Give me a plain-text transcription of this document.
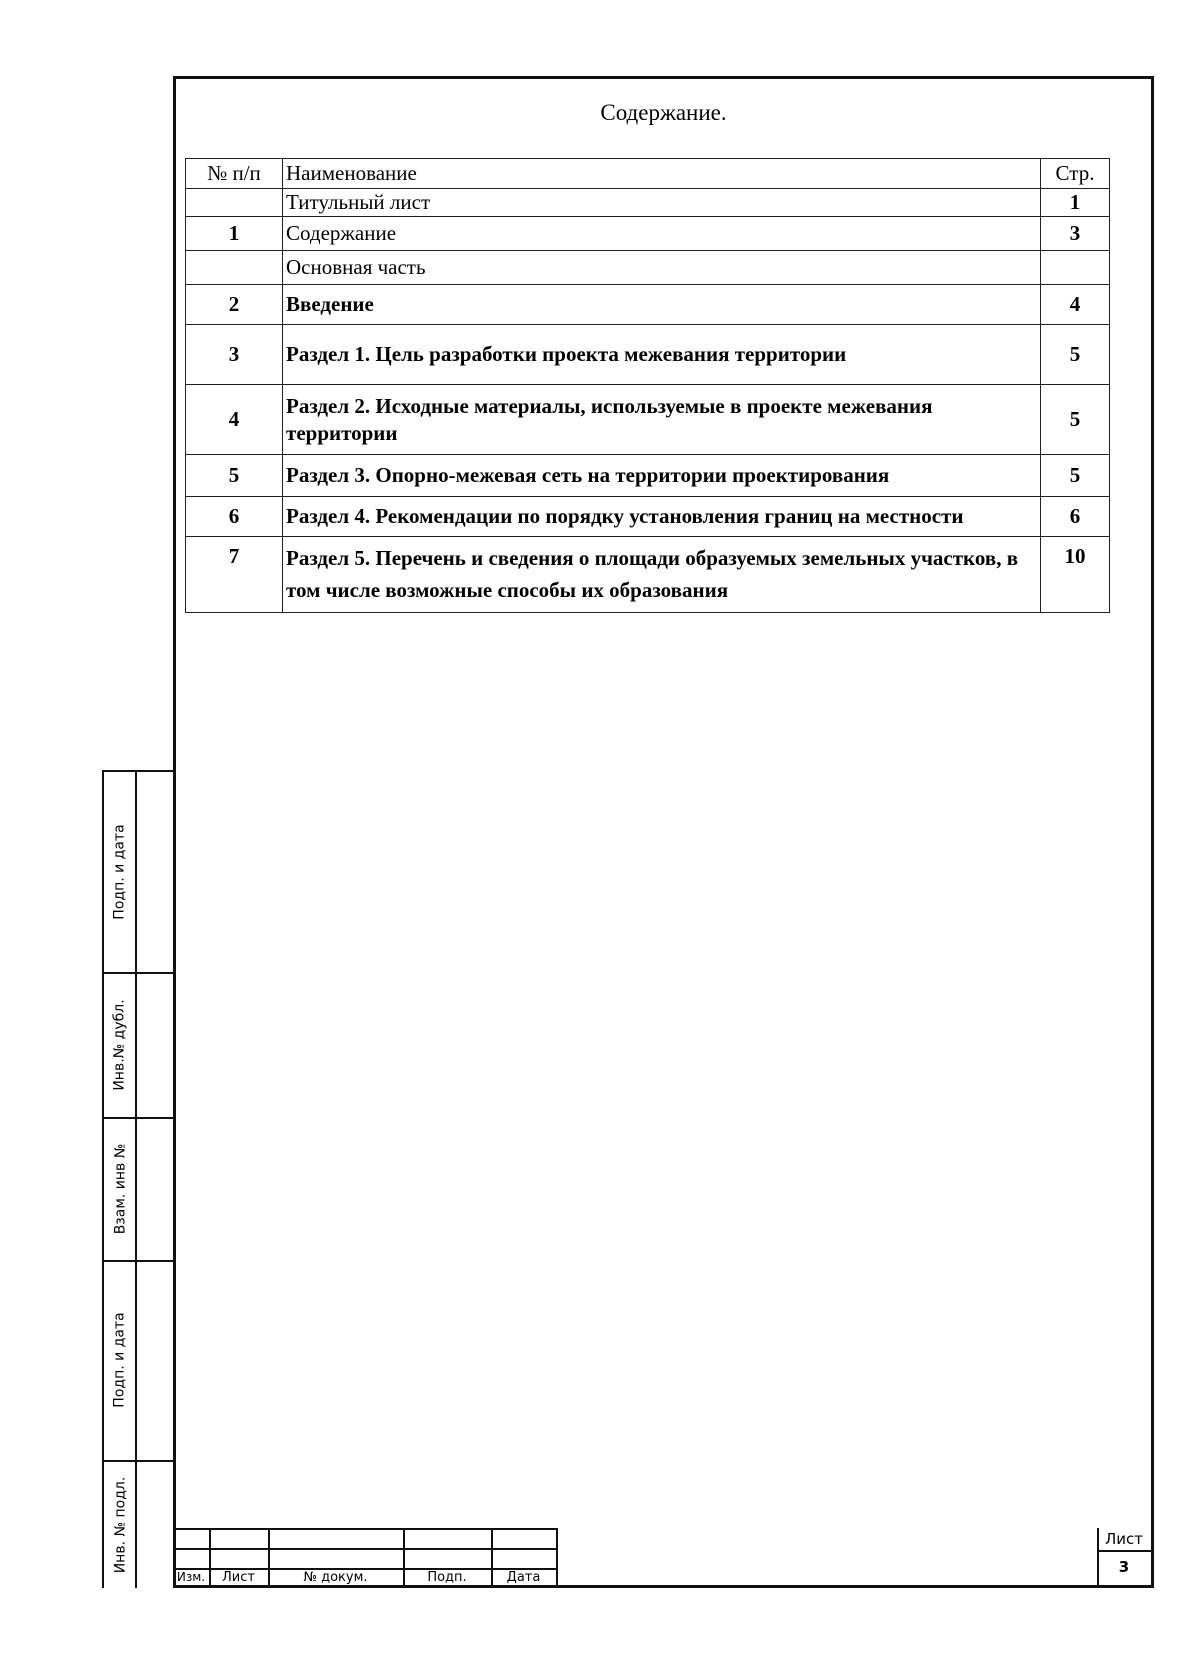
Содержание.
№ п/п	Наименование	Стр.
	Титульный лист	1
1	Содержание	3
	Основная часть	
2	Введение	4
3	Раздел 1. Цель разработки проекта межевания территории	5
4	Раздел 2. Исходные материалы, используемые в проекте межевания территории	5
5	Раздел 3. Опорно-межевая сеть на территории проектирования	5
6	Раздел 4. Рекомендации по порядку установления границ на местности	6
7	Раздел 5. Перечень и сведения о площади образуемых земельных участков, в том числе возможные способы их образования	10
Подп. и дата
Инв.№ дубл.
Взам. инв №
Подп. и дата
Инв. № подл.
Изм.	Лист	№ докум.	Подп.	Дата
Лист
3
